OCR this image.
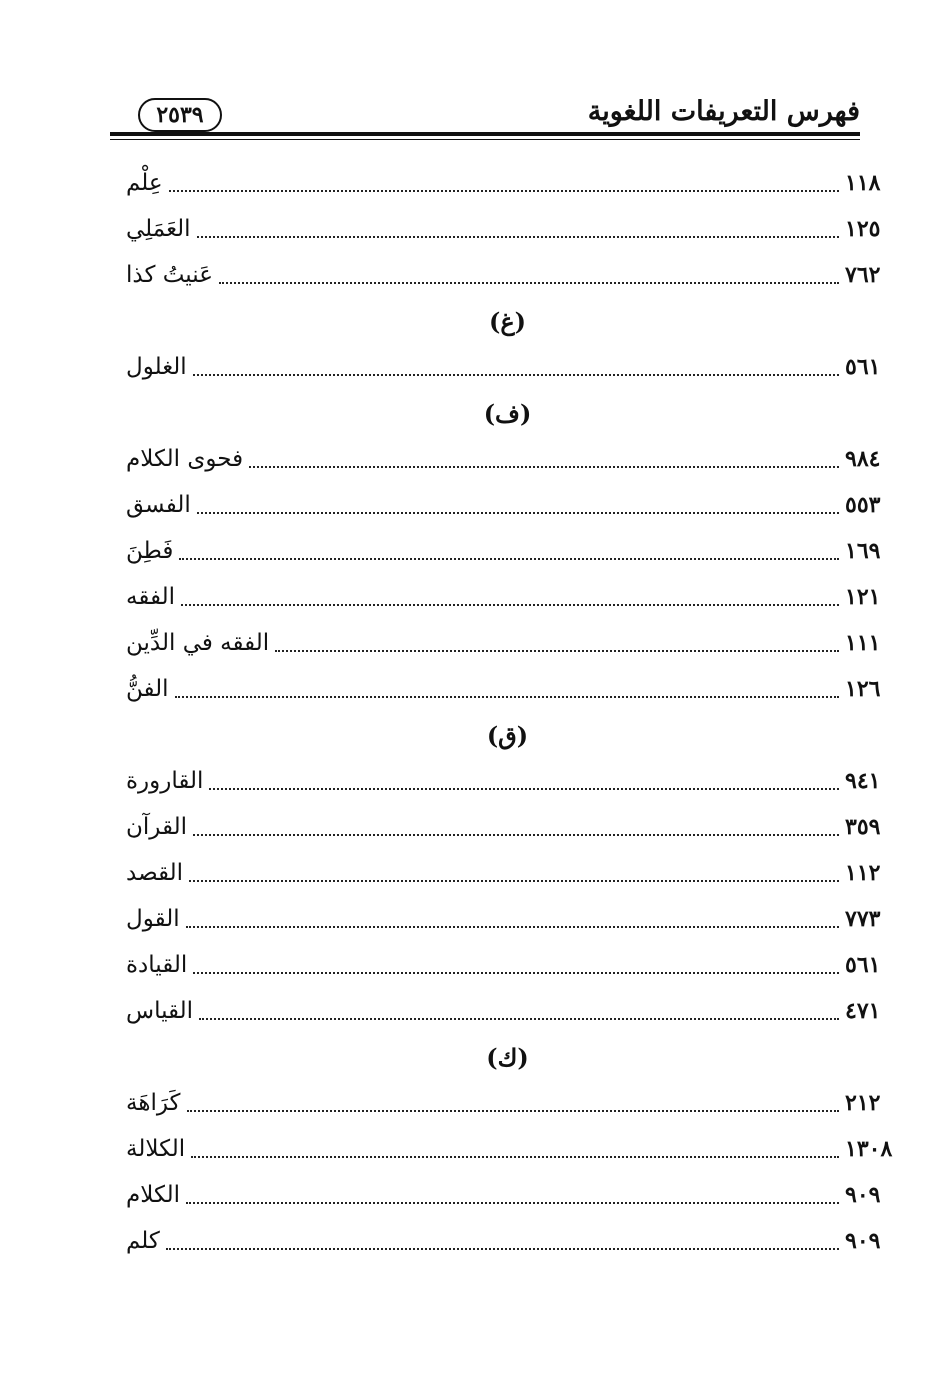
فهرس التعريفات اللغوية
٢٥٣٩
عِلْم	١١٨
العَمَلِي	١٢٥
عَنيتُ كذا	٧٦٢
(غ)
الغلول	٥٦١
(ف)
فحوى الكلام	٩٨٤
الفسق	٥٥٣
فَطِنَ	١٦٩
الفقه	١٢١
الفقه في الدِّين	١١١
الفنُّ	١٢٦
(ق)
القارورة	٩٤١
القرآن	٣٥٩
القصد	١١٢
القول	٧٧٣
القيادة	٥٦١
القياس	٤٧١
(ك)
كَرَاهَة	٢١٢
الكلالة	١٣٠٨
الكلام	٩٠٩
كلم	٩٠٩
